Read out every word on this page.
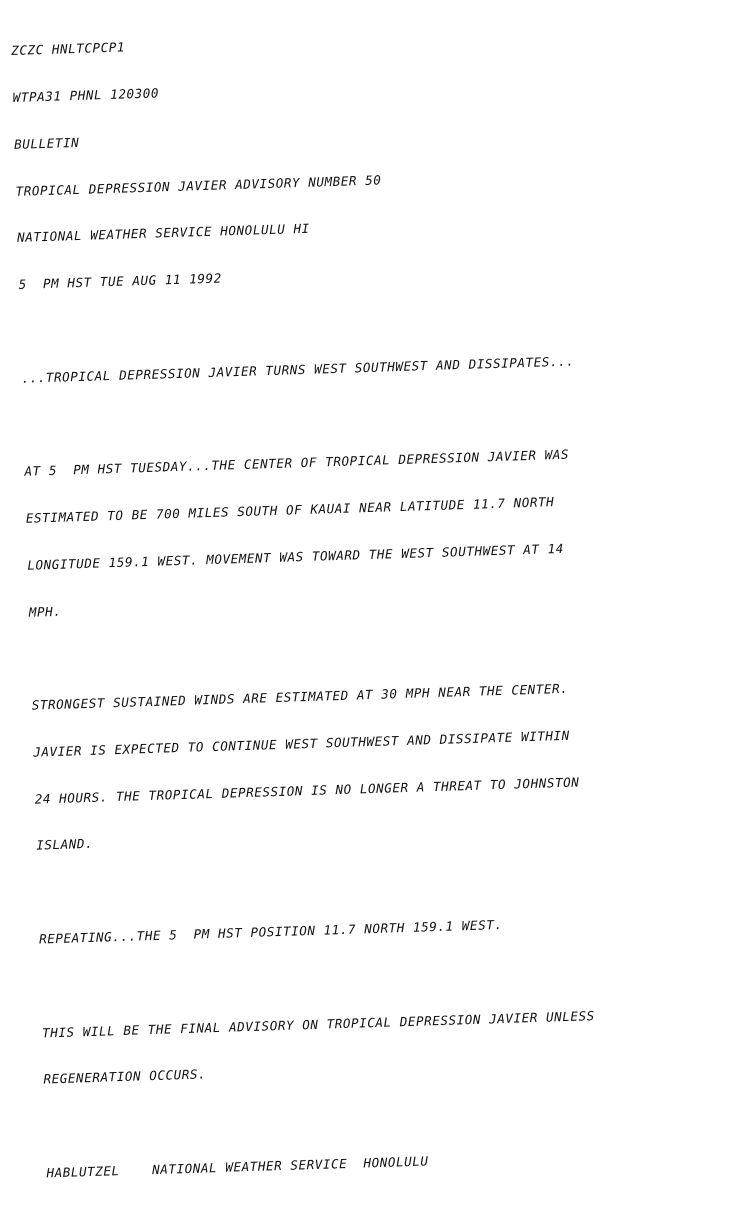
ZCZC HNLTCPCP1

WTPA31 PHNL 120300

BULLETIN

TROPICAL DEPRESSION JAVIER ADVISORY NUMBER 50

NATIONAL WEATHER SERVICE HONOLULU HI

5  PM HST TUE AUG 11 1992

...TROPICAL DEPRESSION JAVIER TURNS WEST SOUTHWEST AND DISSIPATES...

AT 5  PM HST TUESDAY...THE CENTER OF TROPICAL DEPRESSION JAVIER WAS

ESTIMATED TO BE 700 MILES SOUTH OF KAUAI NEAR LATITUDE 11.7 NORTH

LONGITUDE 159.1 WEST. MOVEMENT WAS TOWARD THE WEST SOUTHWEST AT 14

MPH.

STRONGEST SUSTAINED WINDS ARE ESTIMATED AT 30 MPH NEAR THE CENTER.

JAVIER IS EXPECTED TO CONTINUE WEST SOUTHWEST AND DISSIPATE WITHIN

24 HOURS. THE TROPICAL DEPRESSION IS NO LONGER A THREAT TO JOHNSTON

ISLAND.

REPEATING...THE 5  PM HST POSITION 11.7 NORTH 159.1 WEST.

THIS WILL BE THE FINAL ADVISORY ON TROPICAL DEPRESSION JAVIER UNLESS

REGENERATION OCCURS.

HABLUTZEL    NATIONAL WEATHER SERVICE  HONOLULU
